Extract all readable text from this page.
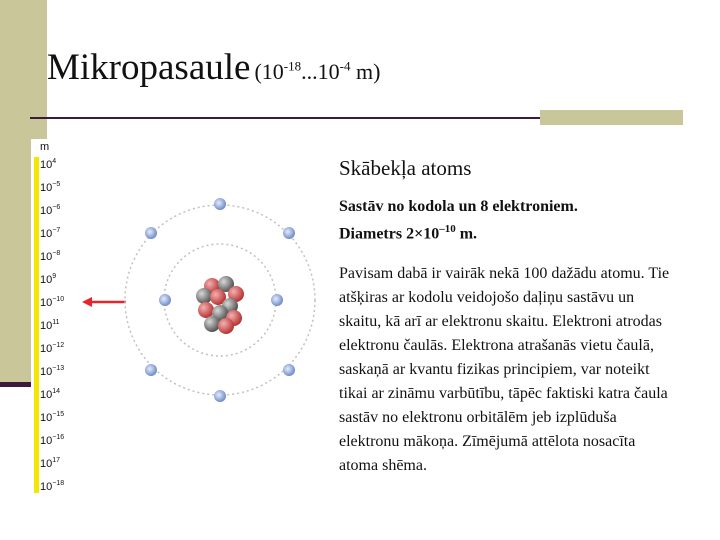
Mikropasaule ($10^{-18}...10^{-4}$ m)
m
$10^4$
$10^{-5}$
$10^{-6}$
$10^{-7}$
$10^{-8}$
$10^9$
$10^{-10}$
$10^{11}$
$10^{-12}$
$10^{-13}$
$10^{14}$
$10^{-15}$
$10^{-16}$
$10^{17}$
$10^{-18}$

Skābekļa atoms

Sastāv no kodola un 8 elektroniem.
Diametrs $2\times 10^{-10}$ m.

Pavisam dabā ir vairāk nekā 100 dažādu atomu. Tie atšķiras ar kodolu veidojošo daļiņu sastāvu un skaitu, kā arī ar elektronu skaitu. Elektroni atrodas elektronu čaulās. Elektrona atrašanās vietu čaulā, saskaņā ar kvantu fizikas principiem, var noteikt tikai ar zināmu varbūtību, tāpēc faktiski katra čaula sastāv no elektronu orbitālēm jeb izplūduša elektronu mākoņa. Zīmējumā attēlota nosacīta atoma shēma.
